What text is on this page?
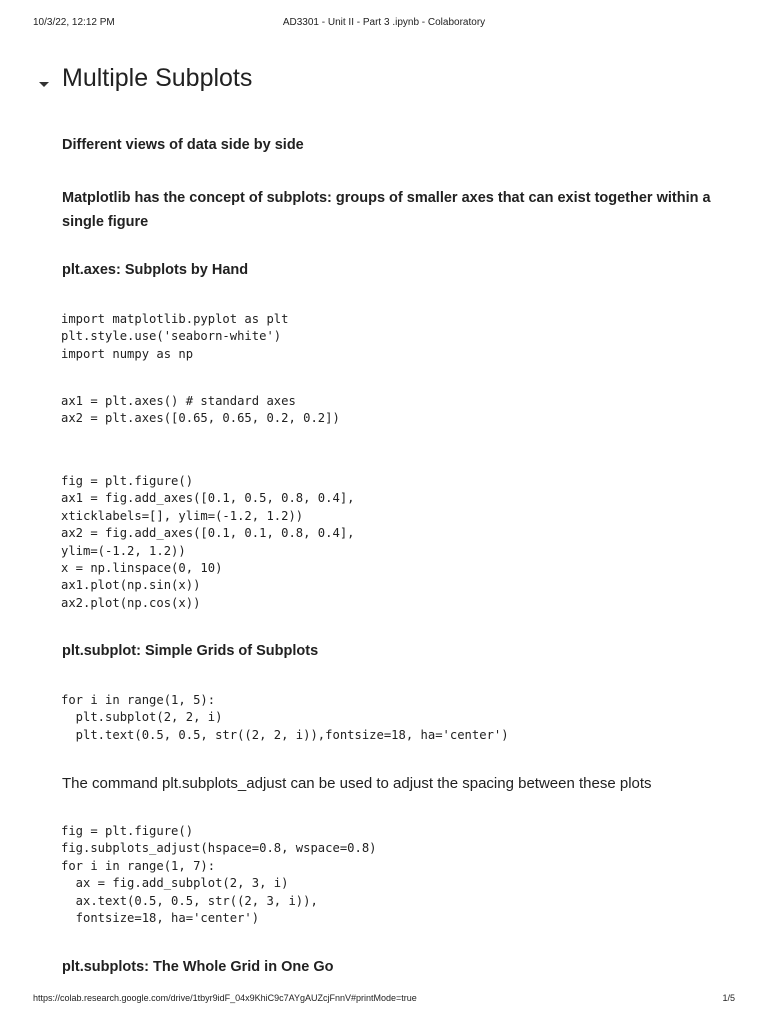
10/3/22, 12:12 PM	AD3301 - Unit II - Part 3 .ipynb - Colaboratory
Multiple Subplots
Different views of data side by side
Matplotlib has the concept of subplots: groups of smaller axes that can exist together within a single figure
plt.axes: Subplots by Hand
import matplotlib.pyplot as plt
plt.style.use('seaborn-white')
import numpy as np
ax1 = plt.axes() # standard axes
ax2 = plt.axes([0.65, 0.65, 0.2, 0.2])
fig = plt.figure()
ax1 = fig.add_axes([0.1, 0.5, 0.8, 0.4],
xticklabels=[], ylim=(-1.2, 1.2))
ax2 = fig.add_axes([0.1, 0.1, 0.8, 0.4],
ylim=(-1.2, 1.2))
x = np.linspace(0, 10)
ax1.plot(np.sin(x))
ax2.plot(np.cos(x))
plt.subplot: Simple Grids of Subplots
for i in range(1, 5):
plt.subplot(2, 2, i)
plt.text(0.5, 0.5, str((2, 2, i)),fontsize=18, ha='center')
The command plt.subplots_adjust can be used to adjust the spacing between these plots
fig = plt.figure()
fig.subplots_adjust(hspace=0.8, wspace=0.8)
for i in range(1, 7):
ax = fig.add_subplot(2, 3, i)
ax.text(0.5, 0.5, str((2, 3, i)),
fontsize=18, ha='center')
plt.subplots: The Whole Grid in One Go
https://colab.research.google.com/drive/1tbyr9idF_04x9KhiC9c7AYgAUZcjFnnV#printMode=true	1/5
